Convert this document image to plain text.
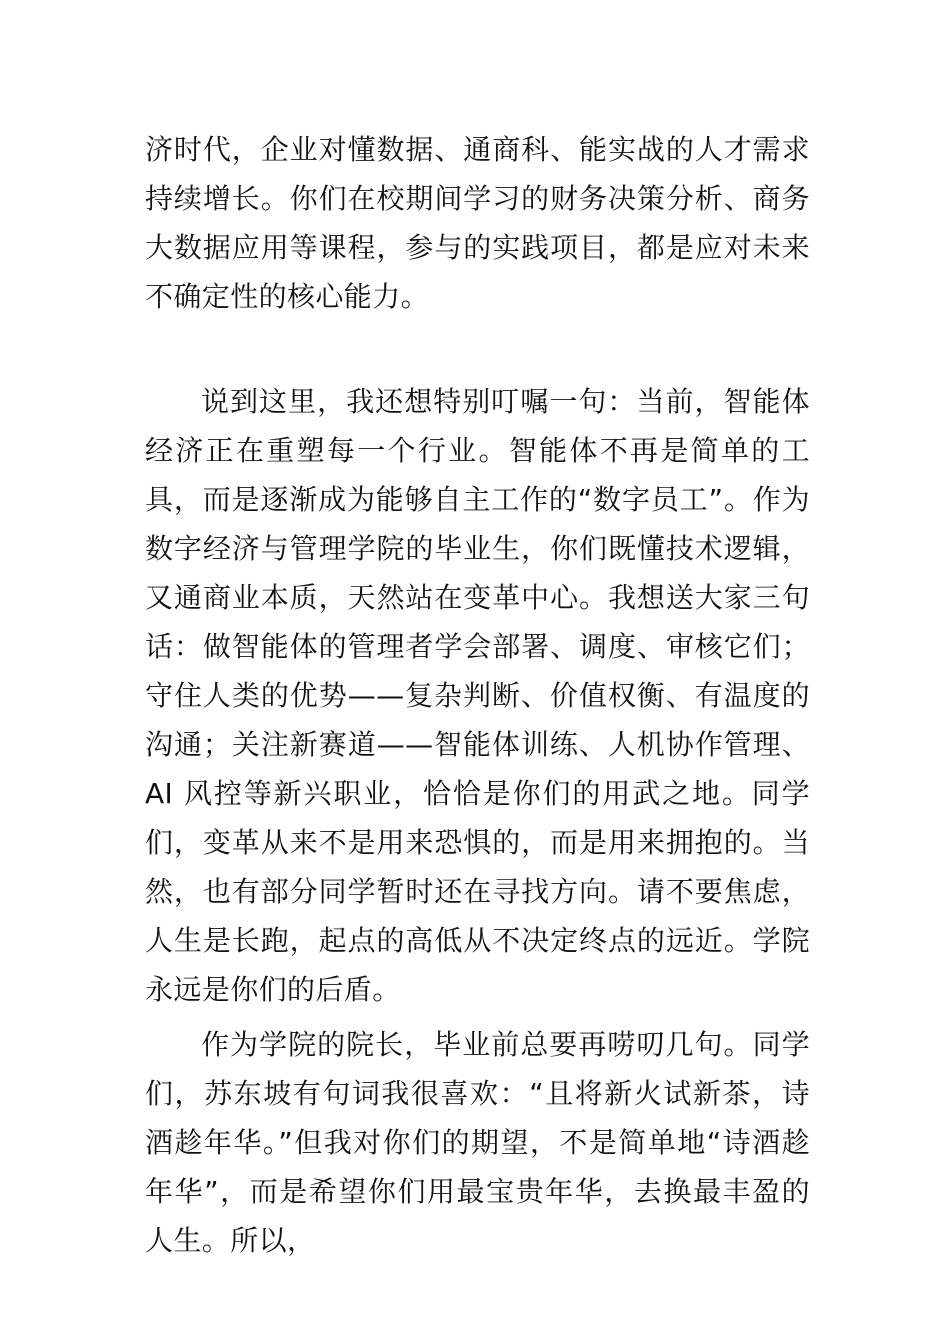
济时代，企业对懂数据、通商科、能实战的人才需求持续增长。你们在校期间学习的财务决策分析、商务大数据应用等课程，参与的实践项目，都是应对未来不确定性的核心能力。

说到这里，我还想特别叮嘱一句：当前，智能体经济正在重塑每一个行业。智能体不再是简单的工具，而是逐渐成为能够自主工作的“数字员工”。作为数字经济与管理学院的毕业生，你们既懂技术逻辑，又通商业本质，天然站在变革中心。我想送大家三句话：做智能体的管理者学会部署、调度、审核它们；守住人类的优势——复杂判断、价值权衡、有温度的沟通；关注新赛道——智能体训练、人机协作管理、AI 风控等新兴职业，恰恰是你们的用武之地。同学们，变革从来不是用来恐惧的，而是用来拥抱的。当然，也有部分同学暂时还在寻找方向。请不要焦虑，人生是长跑，起点的高低从不决定终点的远近。学院永远是你们的后盾。

作为学院的院长，毕业前总要再唠叨几句。同学们，苏东坡有句词我很喜欢：“且将新火试新茶，诗酒趁年华。”但我对你们的期望，不是简单地“诗酒趁年华”，而是希望你们用最宝贵年华，去换最丰盈的人生。所以，
